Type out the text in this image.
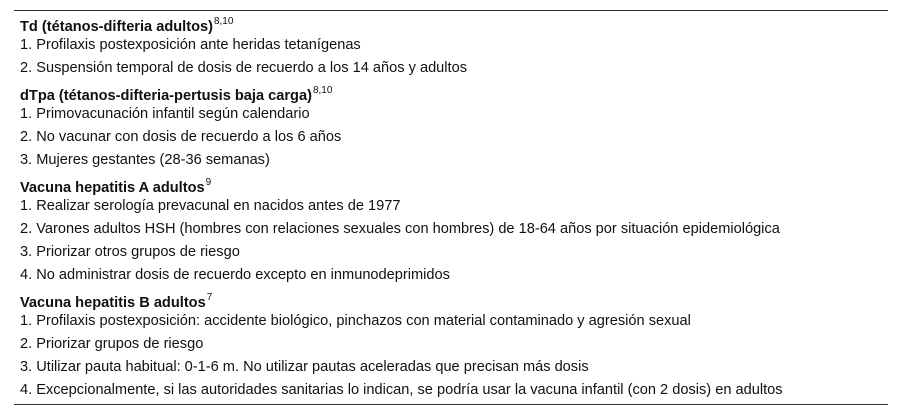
Td (tétanos-difteria adultos)$^{8,10}$
1. Profilaxis postexposición ante heridas tetanígenas
2. Suspensión temporal de dosis de recuerdo a los 14 años y adultos
dTpa (tétanos-difteria-pertusis baja carga)$^{8,10}$
1. Primovacunación infantil según calendario
2. No vacunar con dosis de recuerdo a los 6 años
3. Mujeres gestantes (28-36 semanas)
Vacuna hepatitis A adultos$^9$
1. Realizar serología prevacunal en nacidos antes de 1977
2. Varones adultos HSH (hombres con relaciones sexuales con hombres) de 18-64 años por situación epidemiológica
3. Priorizar otros grupos de riesgo
4. No administrar dosis de recuerdo excepto en inmunodeprimidos
Vacuna hepatitis B adultos$^7$
1. Profilaxis postexposición: accidente biológico, pinchazos con material contaminado y agresión sexual
2. Priorizar grupos de riesgo
3. Utilizar pauta habitual: 0-1-6 m. No utilizar pautas aceleradas que precisan más dosis
4. Excepcionalmente, si las autoridades sanitarias lo indican, se podría usar la vacuna infantil (con 2 dosis) en adultos
